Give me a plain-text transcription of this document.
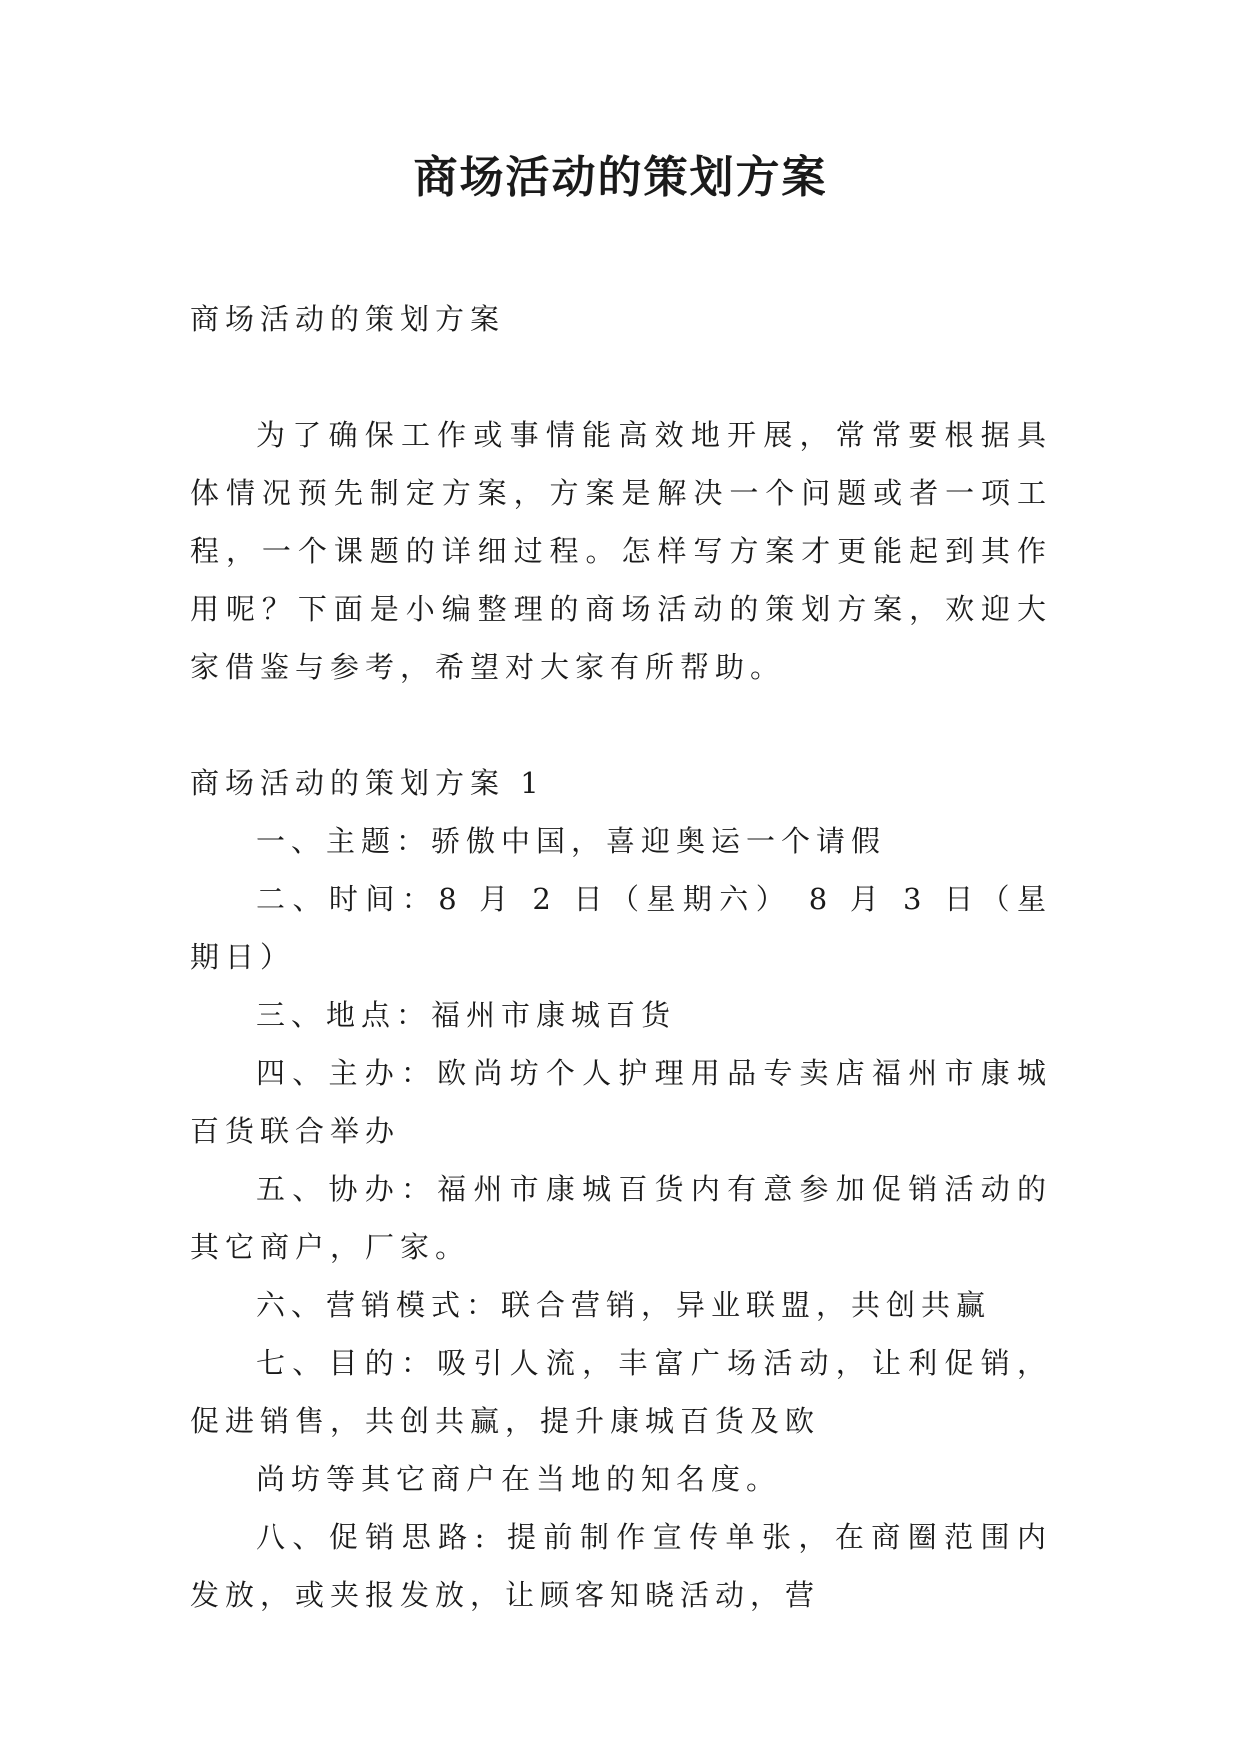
商场活动的策划方案

商场活动的策划方案

为了确保工作或事情能高效地开展，常常要根据具体情况预先制定方案，方案是解决一个问题或者一项工程，一个课题的详细过程。怎样写方案才更能起到其作用呢？下面是小编整理的商场活动的策划方案，欢迎大家借鉴与参考，希望对大家有所帮助。

商场活动的策划方案 1

一、主题：骄傲中国，喜迎奥运一个请假

二、时间：8 月 2 日（星期六） 8 月 3 日（星期日）

三、地点：福州市康城百货

四、主办：欧尚坊个人护理用品专卖店福州市康城百货联合举办

五、协办：福州市康城百货内有意参加促销活动的其它商户，厂家。

六、营销模式：联合营销，异业联盟，共创共赢

七、目的：吸引人流，丰富广场活动，让利促销，促进销售，共创共赢，提升康城百货及欧

尚坊等其它商户在当地的知名度。

八、促销思路: 提前制作宣传单张，在商圈范围内发放，或夹报发放，让顾客知晓活动，营
